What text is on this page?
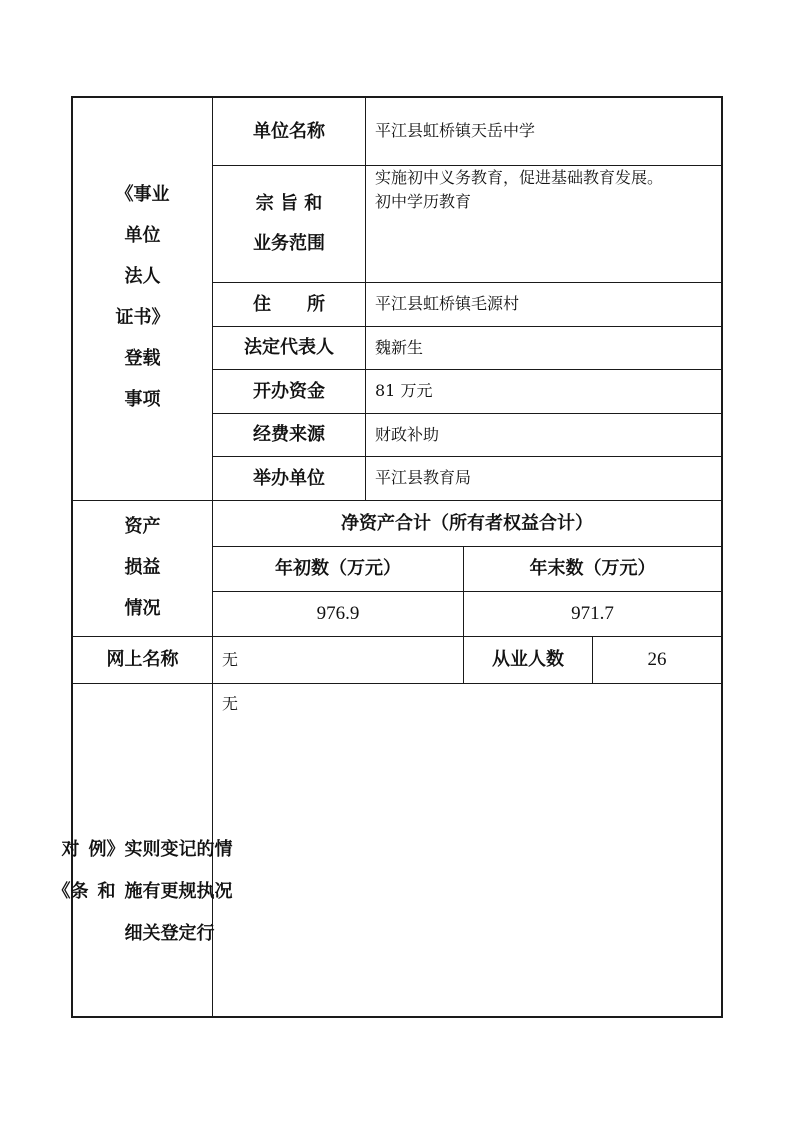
《事业
单位
法人
证书》
登载
事项
单位名称	平江县虹桥镇天岳中学
宗 旨 和
业务范围
实施初中义务教育，促进基础教育发展。
初中学历教育
住　　所	平江县虹桥镇毛源村
法定代表人	魏新生
开办资金	81 万元
经费来源	财政补助
举办单位	平江县教育局
资产
损益
情况
净资产合计（所有者权益合计）
年初数（万元）	年末数（万元）
976.9	971.7
网上名称	无	从业人数	26
对《条
例》和
实施细
则有关
变更登
记规定
的执行
情 况
无
